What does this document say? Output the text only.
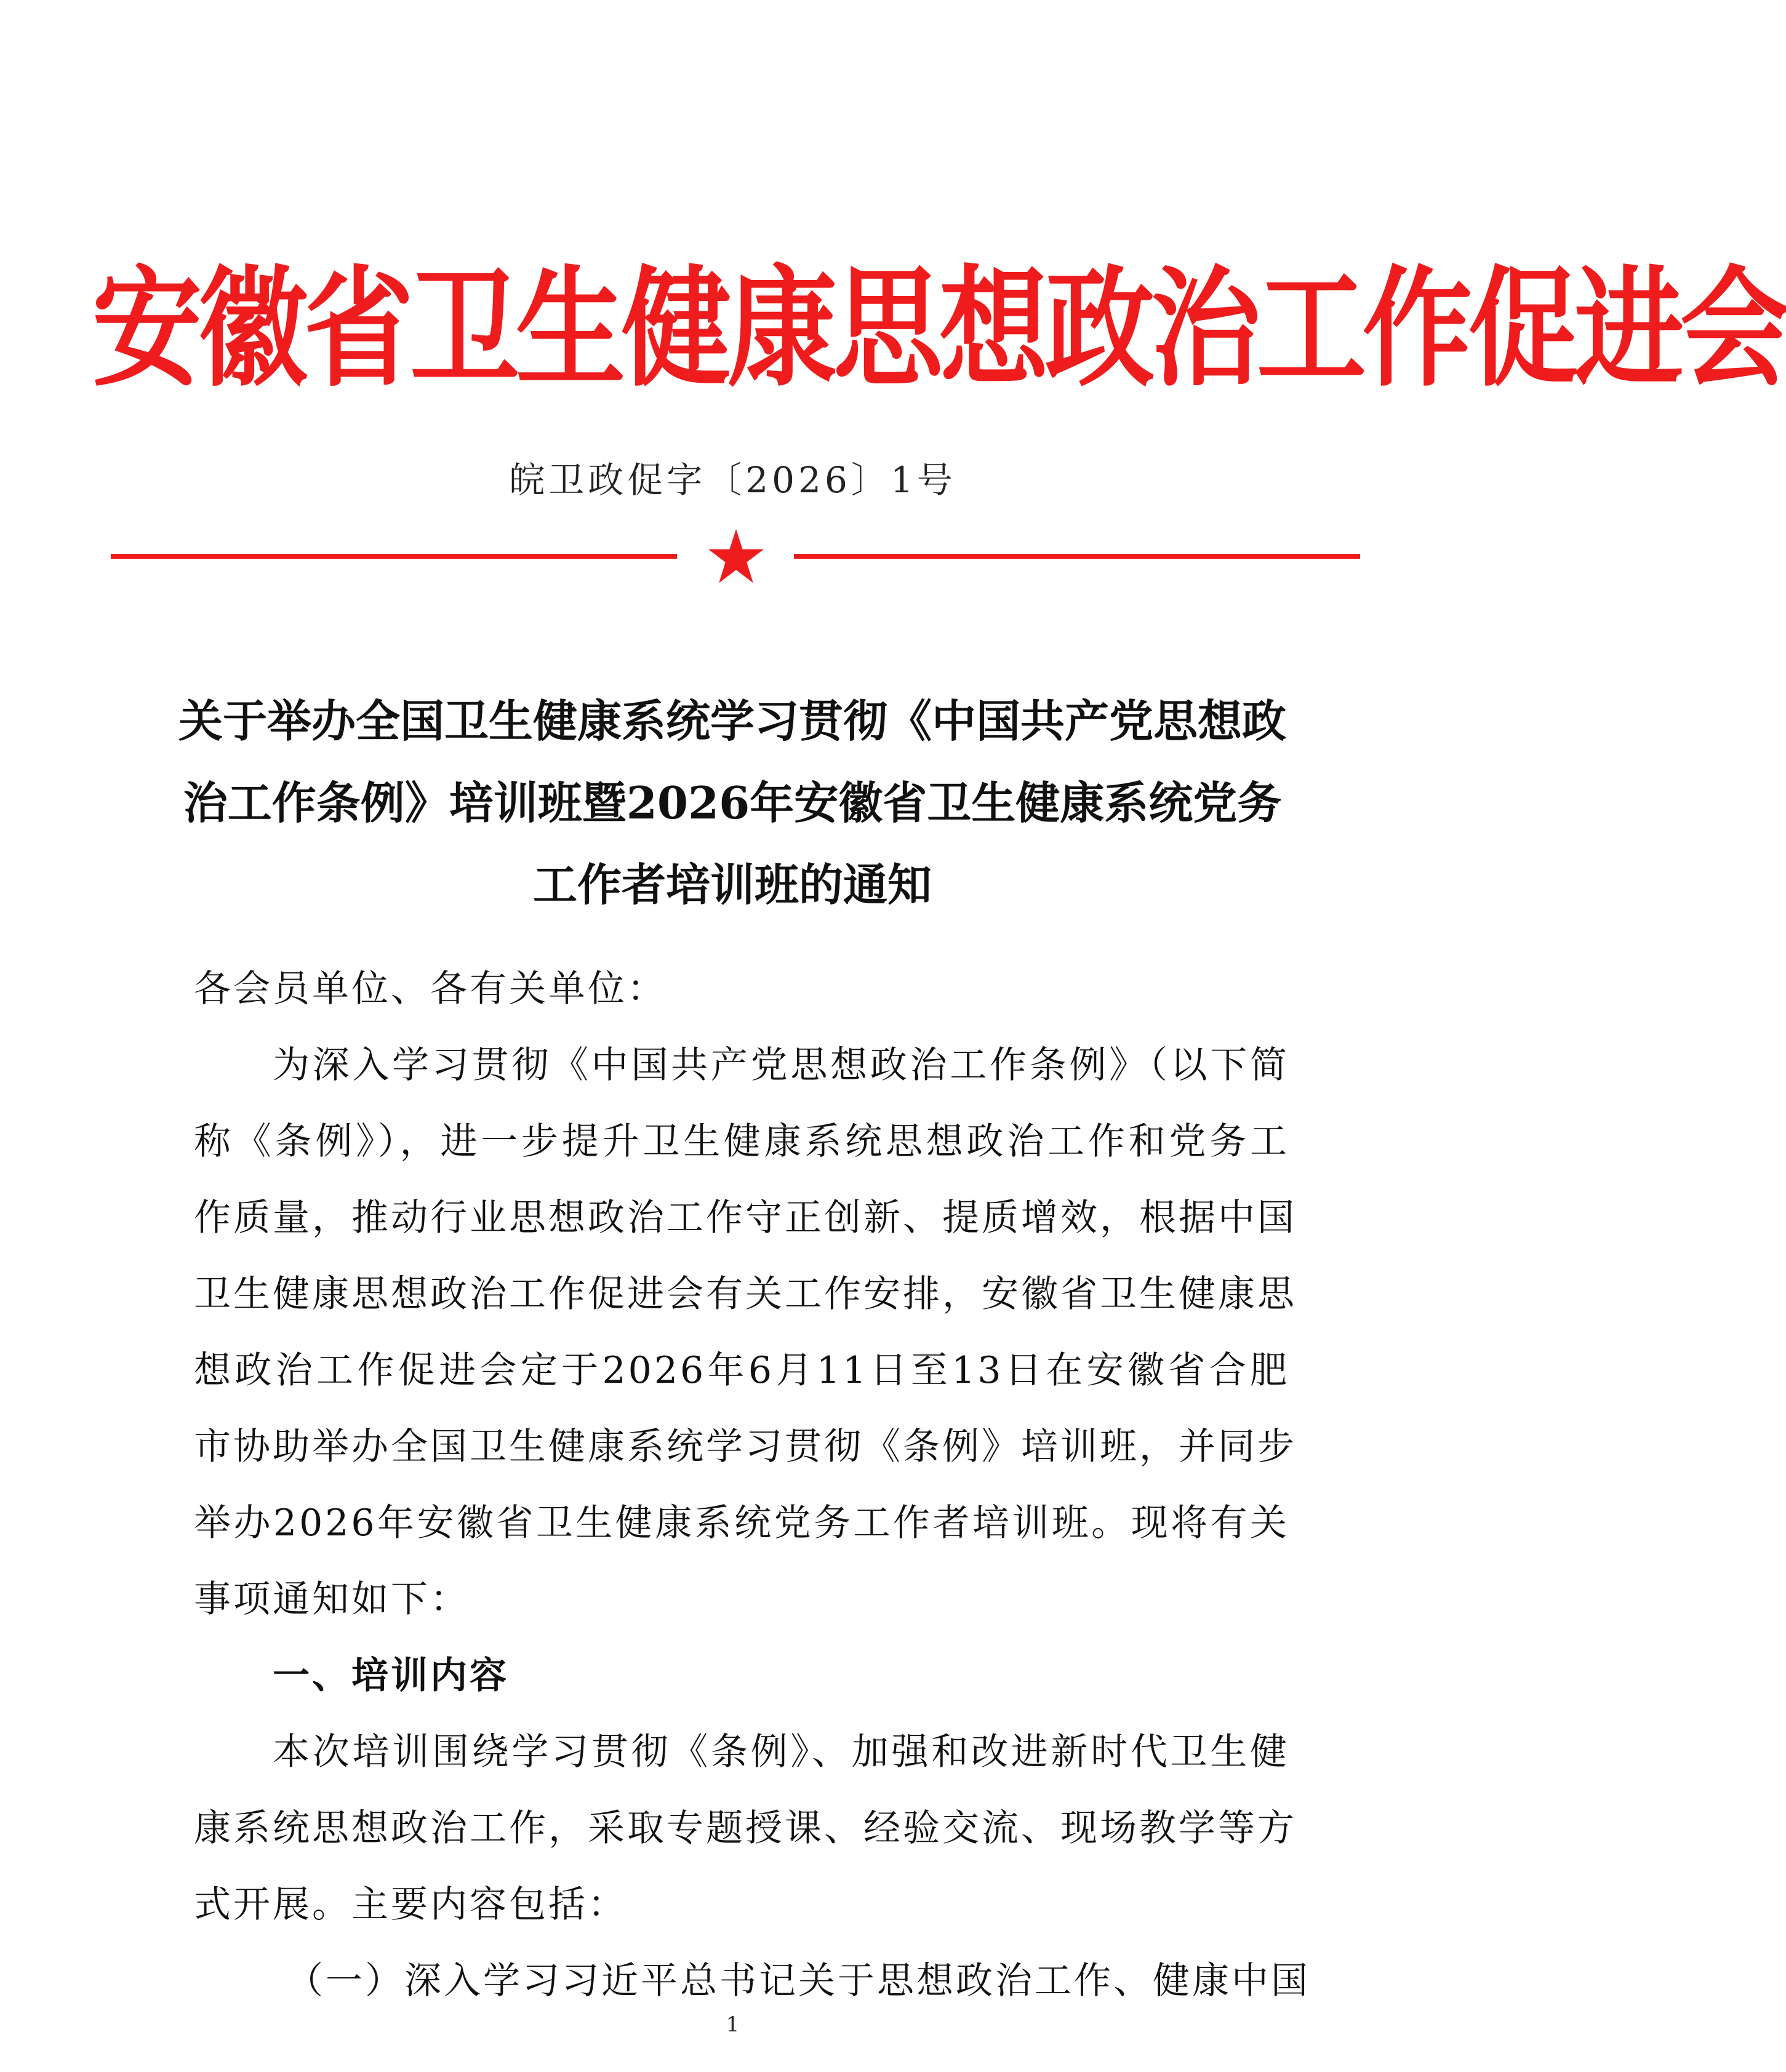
安徽省卫生健康思想政治工作促进会
皖卫政促字〔2026〕1号
关于举办全国卫生健康系统学习贯彻《中国共产党思想政
治工作条例》培训班暨2026年安徽省卫生健康系统党务
工作者培训班的通知
各会员单位、各有关单位：
为深入学习贯彻《中国共产党思想政治工作条例》（以下简
称《条例》），进一步提升卫生健康系统思想政治工作和党务工
作质量，推动行业思想政治工作守正创新、提质增效，根据中国
卫生健康思想政治工作促进会有关工作安排，安徽省卫生健康思
想政治工作促进会定于2026年6月11日至13日在安徽省合肥
市协助举办全国卫生健康系统学习贯彻《条例》培训班，并同步
举办2026年安徽省卫生健康系统党务工作者培训班。现将有关
事项通知如下：
一、培训内容
本次培训围绕学习贯彻《条例》、加强和改进新时代卫生健
康系统思想政治工作，采取专题授课、经验交流、现场教学等方
式开展。主要内容包括：
（一）深入学习习近平总书记关于思想政治工作、健康中国
1
